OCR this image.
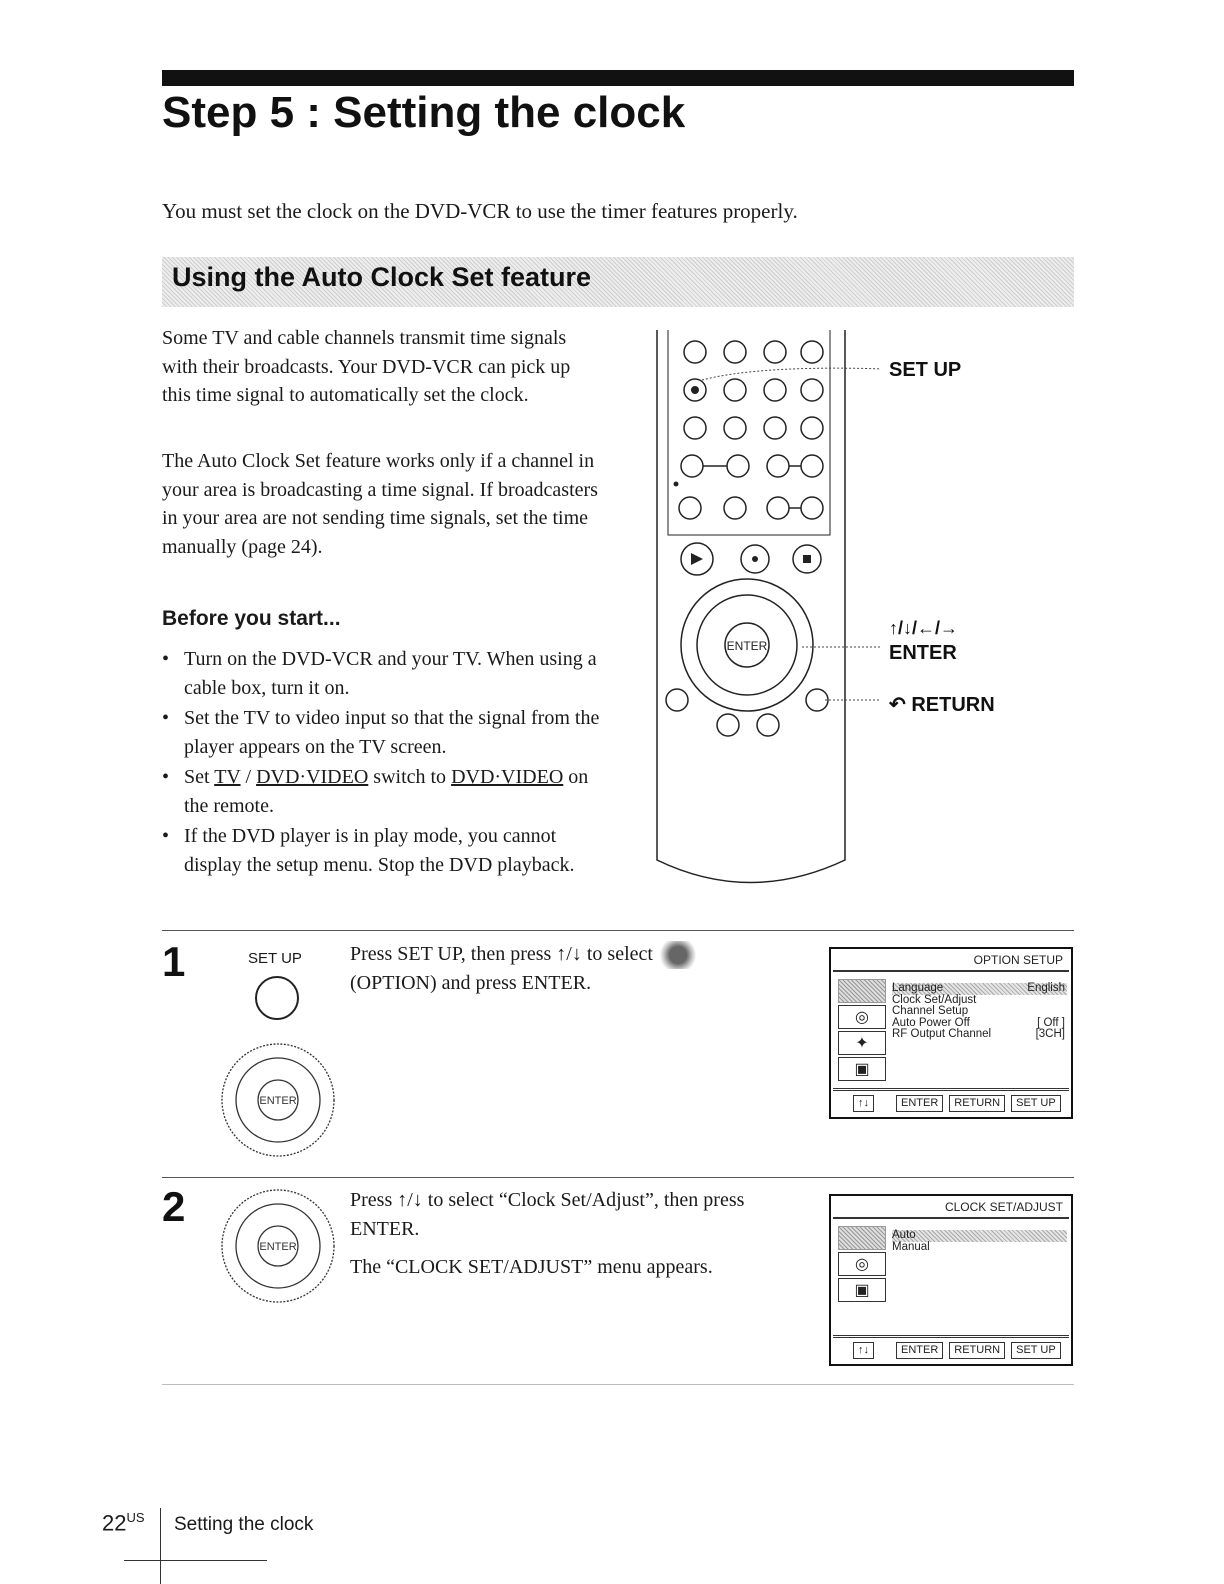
Step 5 : Setting the clock
You must set the clock on the DVD-VCR to use the timer features properly.
Using the Auto Clock Set feature
Some TV and cable channels transmit time signals with their broadcasts. Your DVD-VCR can pick up this time signal to automatically set the clock.
The Auto Clock Set feature works only if a channel in your area is broadcasting a time signal. If broadcasters in your area are not sending time signals, set the time manually (page 24).
Before you start...
• Turn on the DVD-VCR and your TV. When using a cable box, turn it on.
• Set the TV to video input so that the signal from the player appears on the TV screen.
• Set TV / DVD·VIDEO switch to DVD·VIDEO on the remote.
• If the DVD player is in play mode, you cannot display the setup menu. Stop the DVD playback.
ENTER
SET UP
↑/↓/←/→
ENTER
↶ RETURN
1	SET UP
ENTER
Press SET UP, then press ↑/↓ to select
(OPTION) and press ENTER.
OPTION SETUP
◎
✦
▣
Language	English
Clock Set/Adjust
Channel Setup
Auto Power Off	[ Off ]
RF Output Channel	[3CH]
↑↓	ENTER	RETURN	SET UP
2
ENTER
Press ↑/↓ to select “Clock Set/Adjust”, then press ENTER.
The “CLOCK SET/ADJUST” menu appears.
CLOCK SET/ADJUST
◎
▣
Auto
Manual
↑↓	ENTER	RETURN	SET UP
$22^{US}$ Setting the clock
